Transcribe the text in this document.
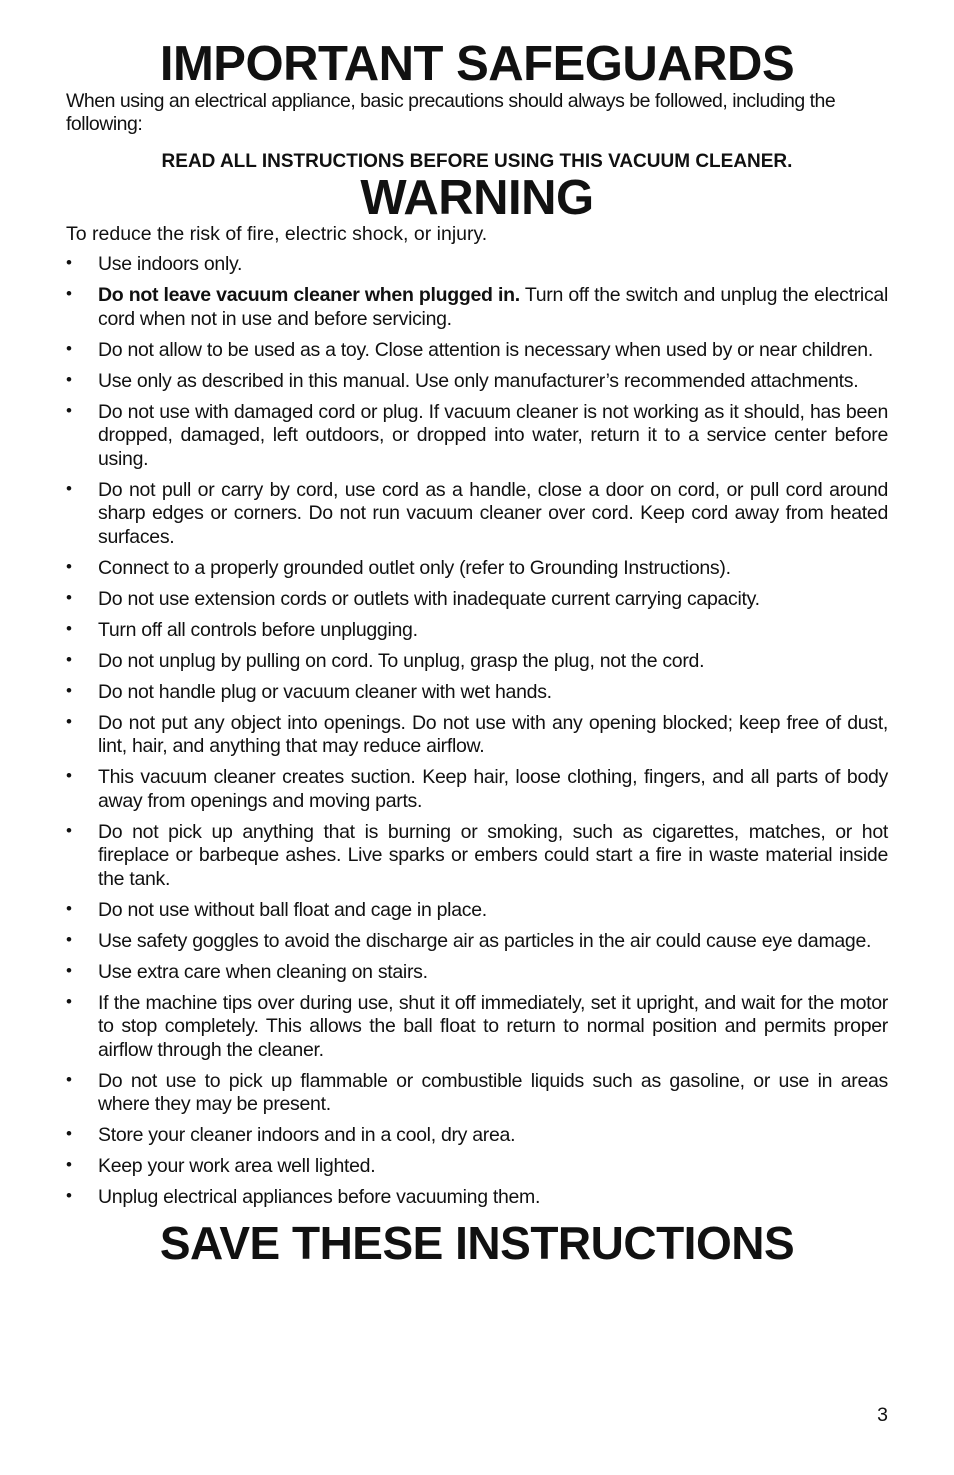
IMPORTANT SAFEGUARDS

When using an electrical appliance, basic precautions should always be followed, including the following:

READ ALL INSTRUCTIONS BEFORE USING THIS VACUUM CLEANER.

WARNING

To reduce the risk of fire, electric shock, or injury.

• Use indoors only.
• Do not leave vacuum cleaner when plugged in. Turn off the switch and unplug the electrical cord when not in use and before servicing.
• Do not allow to be used as a toy. Close attention is necessary when used by or near children.
• Use only as described in this manual. Use only manufacturer’s recommended attachments.
• Do not use with damaged cord or plug. If vacuum cleaner is not working as it should, has been dropped, damaged, left outdoors, or dropped into water, return it to a service center before using.
• Do not pull or carry by cord, use cord as a handle, close a door on cord, or pull cord around sharp edges or corners. Do not run vacuum cleaner over cord. Keep cord away from heated surfaces.
• Connect to a properly grounded outlet only (refer to Grounding Instructions).
• Do not use extension cords or outlets with inadequate current carrying capacity.
• Turn off all controls before unplugging.
• Do not unplug by pulling on cord. To unplug, grasp the plug, not the cord.
• Do not handle plug or vacuum cleaner with wet hands.
• Do not put any object into openings. Do not use with any opening blocked; keep free of dust, lint, hair, and anything that may reduce airflow.
• This vacuum cleaner creates suction. Keep hair, loose clothing, fingers, and all parts of body away from openings and moving parts.
• Do not pick up anything that is burning or smoking, such as cigarettes, matches, or hot fireplace or barbeque ashes. Live sparks or embers could start a fire in waste material inside the tank.
• Do not use without ball float and cage in place.
• Use safety goggles to avoid the discharge air as particles in the air could cause eye damage.
• Use extra care when cleaning on stairs.
• If the machine tips over during use, shut it off immediately, set it upright, and wait for the motor to stop completely. This allows the ball float to return to normal position and permits proper airflow through the cleaner.
• Do not use to pick up flammable or combustible liquids such as gasoline, or use in areas where they may be present.
• Store your cleaner indoors and in a cool, dry area.
• Keep your work area well lighted.
• Unplug electrical appliances before vacuuming them.
SAVE THESE INSTRUCTIONS
3
